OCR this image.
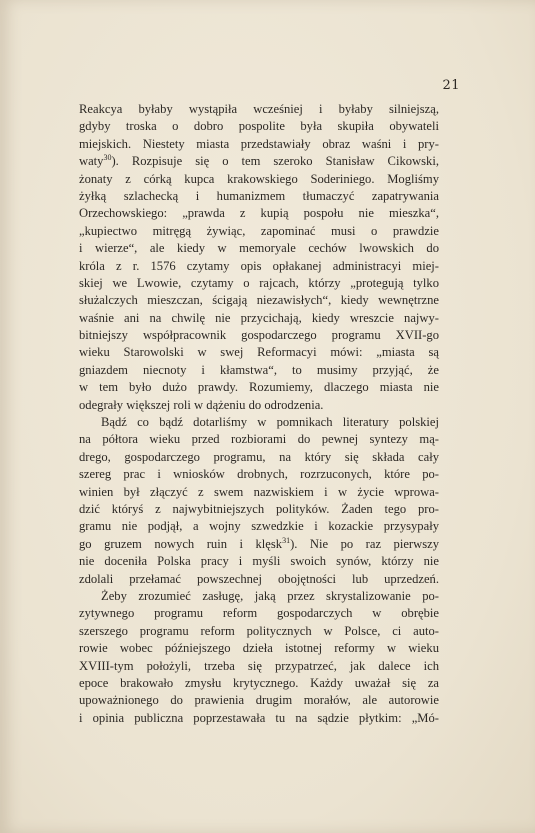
21
Reakcya byłaby wystąpiła wcześniej i byłaby silniejszą,
gdyby troska o dobro pospolite była skupiła obywateli
miejskich. Niestety miasta przedstawiały obraz waśni i pry-
waty$^{30}$). Rozpisuje się o tem szeroko Stanisław Cikowski,
żonaty z córką kupca krakowskiego Soderiniego. Mogliśmy
żyłką szlachecką i humanizmem tłumaczyć zapatrywania
Orzechowskiego: „prawda z kupią pospołu nie mieszka“,
„kupiectwo mitręgą żywiąc, zapominać musi o prawdzie
i wierze“, ale kiedy w memoryale cechów lwowskich do
króla z r. 1576 czytamy opis opłakanej administracyi miej-
skiej we Lwowie, czytamy o rajcach, którzy „protegują tylko
służalczych mieszczan, ścigają niezawisłych“, kiedy wewnętrzne
waśnie ani na chwilę nie przycichają, kiedy wreszcie najwy-
bitniejszy współpracownik gospodarczego programu XVII-go
wieku Starowolski w swej Reformacyi mówi: „miasta są
gniazdem niecnoty i kłamstwa“, to musimy przyjąć, że
w tem było dużo prawdy. Rozumiemy, dlaczego miasta nie
odegrały większej roli w dążeniu do odrodzenia.
Bądź co bądź dotarliśmy w pomnikach literatury polskiej
na półtora wieku przed rozbiorami do pewnej syntezy mą-
drego, gospodarczego programu, na który się składa cały
szereg prac i wniosków drobnych, rozrzuconych, które po-
winien był złączyć z swem nazwiskiem i w życie wprowa-
dzić któryś z najwybitniejszych polityków. Żaden tego pro-
gramu nie podjął, a wojny szwedzkie i kozackie przysypały
go gruzem nowych ruin i klęsk$^{31}$). Nie po raz pierwszy
nie doceniła Polska pracy i myśli swoich synów, którzy nie
zdolali przełamać powszechnej obojętności lub uprzedzeń.
Żeby zrozumieć zasługę, jaką przez skrystalizowanie po-
zytywnego programu reform gospodarczych w obrębie
szerszego programu reform politycznych w Polsce, ci auto-
rowie wobec późniejszego dzieła istotnej reformy w wieku
XVIII-tym położyli, trzeba się przypatrzeć, jak dalece ich
epoce brakowało zmysłu krytycznego. Każdy uważał się za
upoważnionego do prawienia drugim morałów, ale autorowie
i opinia publiczna poprzestawała tu na sądzie płytkim: „Mó-
